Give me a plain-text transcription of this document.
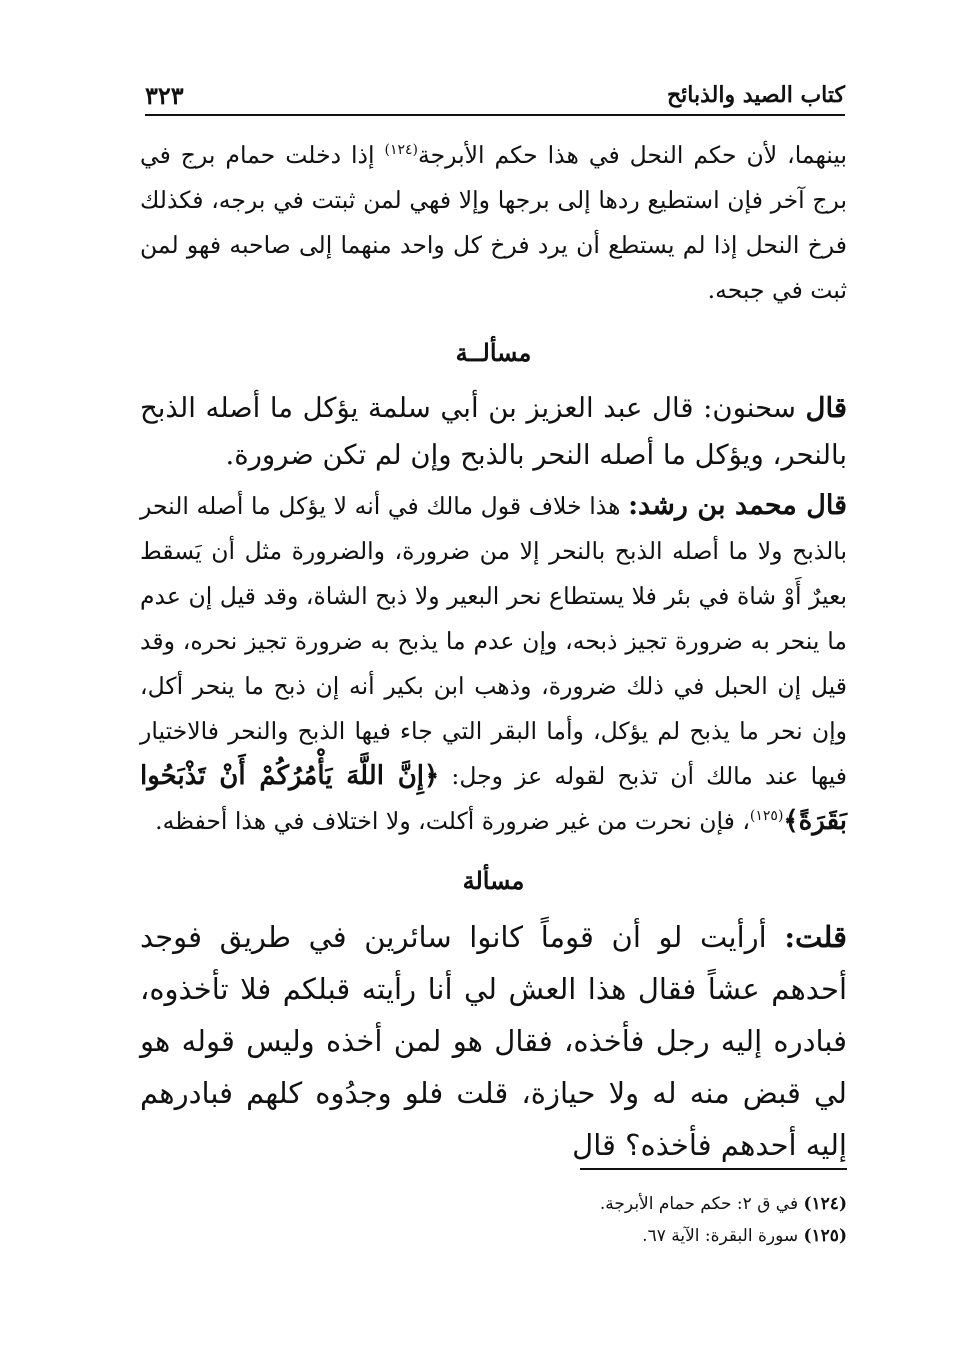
كتاب الصيد والذبائح
٣٢٣

بينهما، لأن حكم النحل في هذا حكم الأبرجة$^{(١٢٤)}$ إذا دخلت حمام برج في برج آخر فإن استطيع ردها إلى برجها وإلا فهي لمن ثبتت في برجه، فكذلك فرخ النحل إذا لم يستطع أن يرد فرخ كل واحد منهما إلى صاحبه فهو لمن ثبت في جبحه.

مسألــة

قال سحنون: قال عبد العزيز بن أبي سلمة يؤكل ما أصله الذبح بالنحر، ويؤكل ما أصله النحر بالذبح وإن لم تكن ضرورة.

قال محمد بن رشد: هذا خلاف قول مالك في أنه لا يؤكل ما أصله النحر بالذبح ولا ما أصله الذبح بالنحر إلا من ضرورة، والضرورة مثل أن يَسقط بعيرٌ أَوْ شاة في بئر فلا يستطاع نحر البعير ولا ذبح الشاة، وقد قيل إن عدم ما ينحر به ضرورة تجيز ذبحه، وإن عدم ما يذبح به ضرورة تجيز نحره، وقد قيل إن الحبل في ذلك ضرورة، وذهب ابن بكير أنه إن ذبح ما ينحر أكل، وإن نحر ما يذبح لم يؤكل، وأما البقر التي جاء فيها الذبح والنحر فالاختيار فيها عند مالك أن تذبح لقوله عز وجل: ﴿إِنَّ اللَّهَ يَأْمُرُكُمْ أَنْ تَذْبَحُوا بَقَرَةً﴾$^{(١٢٥)}$، فإن نحرت من غير ضرورة أكلت، ولا اختلاف في هذا أحفظه.

مسألة

قلت: أرأيت لو أن قوماً كانوا سائرين في طريق فوجد أحدهم عشاً فقال هذا العش لي أنا رأيته قبلكم فلا تأخذوه، فبادره إليه رجل فأخذه، فقال هو لمن أخذه وليس قوله هو لي قبض منه له ولا حيازة، قلت فلو وجدُوه كلهم فبادرهم إليه أحدهم فأخذه؟ قال

(١٢٤) في ق ٢: حكم حمام الأبرجة.

(١٢٥) سورة البقرة: الآية ٦٧.
